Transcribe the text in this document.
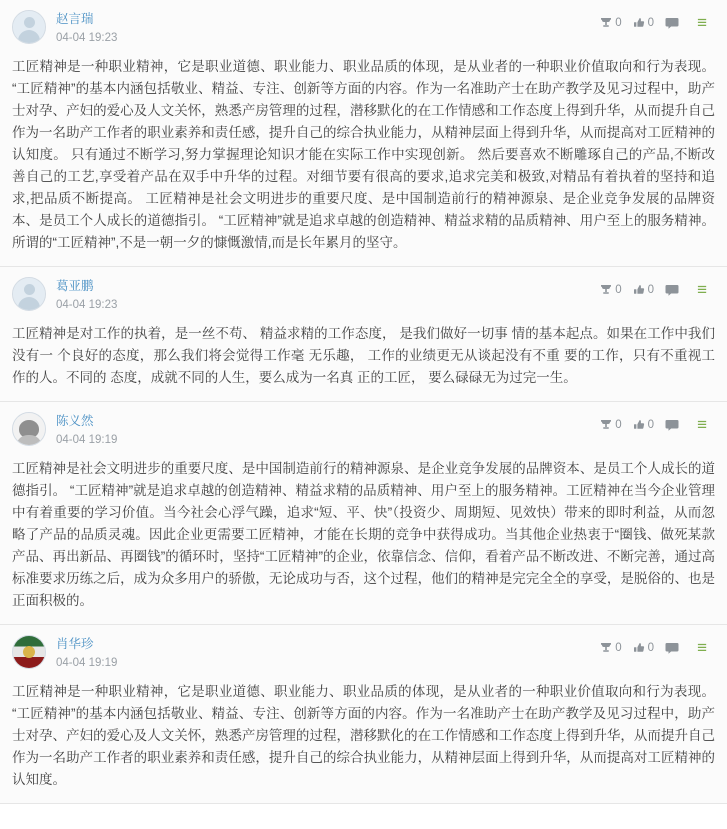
赵言瑞
04-04 19:23
0 0	≡
工匠精神是一种职业精神，它是职业道德、职业能力、职业品质的体现，是从业者的一种职业价值取向和行为表现。 “工匠精神”的基本内涵包括敬业、精益、专注、创新等方面的内容。作为一名准助产士在助产教学及见习过程中，助产士对孕、产妇的爱心及人文关怀，熟悉产房管理的过程，潜移默化的在工作情感和工作态度上得到升华，从而提升自己作为一名助产工作者的职业素养和责任感，提升自己的综合执业能力，从精神层面上得到升华，从而提高对工匠精神的认知度。 只有通过不断学习,努力掌握理论知识才能在实际工作中实现创新。 然后要喜欢不断雕琢自己的产品,不断改善自己的工艺,享受着产品在双手中升华的过程。对细节要有很高的要求,追求完美和极致,对精品有着执着的坚持和追求,把品质不断提高。 工匠精神是社会文明进步的重要尺度、是中国制造前行的精神源泉、是企业竞争发展的品牌资本、是员工个人成长的道德指引。 “工匠精神”就是追求卓越的创造精神、精益求精的品质精神、用户至上的服务精神。 所谓的“工匠精神”,不是一朝一夕的慷慨激情,而是长年累月的坚守。
葛亚鹏
04-04 19:23
0 0	≡
工匠精神是对工作的执着，是一丝不苟、 精益求精的工作态度， 是我们做好一切事 情的基本起点。如果在工作中我们没有一 个良好的态度，那么我们将会觉得工作毫 无乐趣， 工作的业绩更无从谈起没有不重 要的工作，只有不重视工作的人。不同的 态度，成就不同的人生，要么成为一名真 正的工匠， 要么碌碌无为过完一生。
陈义然
04-04 19:19
0 0	≡
工匠精神是社会文明进步的重要尺度、是中国制造前行的精神源泉、是企业竞争发展的品牌资本、是员工个人成长的道德指引。 “工匠精神”就是追求卓越的创造精神、精益求精的品质精神、用户至上的服务精神。工匠精神在当今企业管理中有着重要的学习价值。当今社会心浮气躁，追求“短、平、快”（投资少、周期短、见效快）带来的即时利益，从而忽略了产品的品质灵魂。因此企业更需要工匠精神，才能在长期的竞争中获得成功。当其他企业热衷于“圈钱、做死某款产品、再出新品、再圈钱”的循环时，坚持“工匠精神”的企业，依靠信念、信仰，看着产品不断改进、不断完善，通过高标准要求历练之后，成为众多用户的骄傲，无论成功与否，这个过程，他们的精神是完完全全的享受，是脱俗的、也是正面积极的。
肖华珍
04-04 19:19
0 0	≡
工匠精神是一种职业精神，它是职业道德、职业能力、职业品质的体现，是从业者的一种职业价值取向和行为表现。 “工匠精神”的基本内涵包括敬业、精益、专注、创新等方面的内容。作为一名准助产士在助产教学及见习过程中，助产士对孕、产妇的爱心及人文关怀，熟悉产房管理的过程，潜移默化的在工作情感和工作态度上得到升华，从而提升自己作为一名助产工作者的职业素养和责任感，提升自己的综合执业能力，从精神层面上得到升华，从而提高对工匠精神的认知度。
